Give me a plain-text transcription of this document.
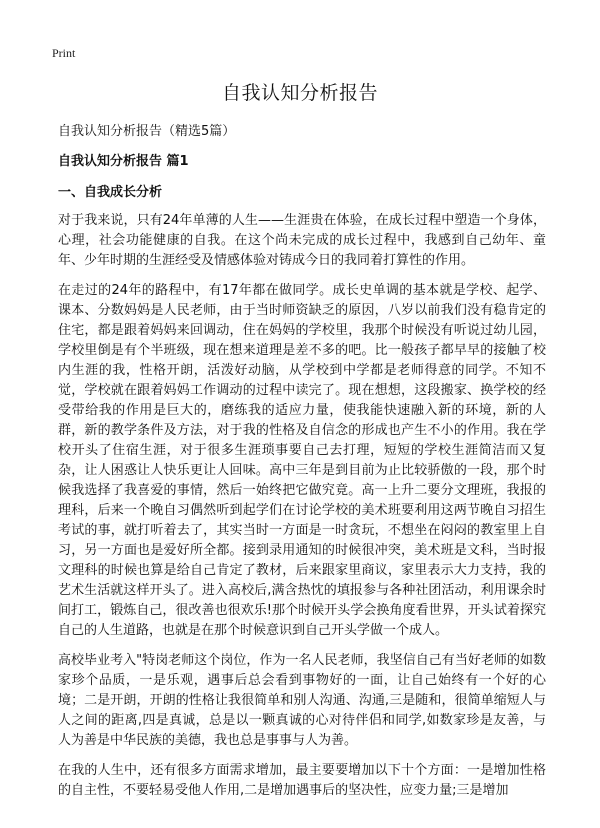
Print
自我认知分析报告

自我认知分析报告（精选5篇）

自我认知分析报告 篇1
一、自我成长分析

对于我来说，只有24年单薄的人生——生涯贵在体验，在成长过程中塑造一个身体，心理，社会功能健康的自我。在这个尚未完成的成长过程中，我感到自己幼年、童年、少年时期的生涯经受及情感体验对铸成今日的我同着打算性的作用。

在走过的24年的路程中，有17年都在做同学。成长史单调的基本就是学校、起学、课本、分数妈妈是人民老师，由于当时师资缺乏的原因，八岁以前我们没有稳肯定的住宅，都是跟着妈妈来回调动，住在妈妈的学校里，我那个时候没有听说过幼儿园，学校里倒是有个半班级，现在想来道理是差不多的吧。比一般孩子都早早的接触了校内生涯的我，性格开朗，活泼好动脑，从学校到中学都是老师得意的同学。不知不觉，学校就在跟着妈妈工作调动的过程中读完了。现在想想，这段搬家、换学校的经受带给我的作用是巨大的，磨练我的适应力量，使我能快速融入新的环境，新的人群，新的教学条件及方法，对于我的性格及自信念的形成也产生不小的作用。我在学校开头了住宿生涯，对于很多生涯琐事要自己去打理，短短的学校生涯简洁而又复杂，让人困惑让人快乐更让人回味。高中三年是到目前为止比较骄傲的一段，那个时候我选择了我喜爱的事情，然后一始终把它做究竟。高一上升二要分文理班，我报的理科，后来一个晚自习偶然听到起学们在讨论学校的美术班要利用这两节晚自习招生考试的事，就打听着去了，其实当时一方面是一时贪玩，不想坐在闷闷的教室里上自习，另一方面也是爱好所全都。接到录用通知的时候很冲突，美术班是文科，当时报文理科的时候也算是给自己肯定了教材，后来跟家里商议，家里表示大力支持，我的艺术生活就这样开头了。进入高校后,满含热忱的填报参与各种社团活动，利用课余时间打工，锻炼自己，很改善也很欢乐!那个时候开头学会换角度看世界，开头试着探究自己的人生道路，也就是在那个时候意识到自己开头学做一个成人。

高校毕业考入"特岗老师这个岗位，作为一名人民老师，我坚信自己有当好老师的如数家珍个品质，一是乐观，遇事后总会看到事物好的一面，让自己始终有一个好的心境；二是开朗，开朗的性格让我很简单和别人沟通、沟通,三是随和，很简单缩短人与人之间的距离,四是真诚，总是以一颗真诚的心对待伴侣和同学,如数家珍是友善，与人为善是中华民族的美德，我也总是事事与人为善。

在我的人生中，还有很多方面需求增加，最主要要增加以下十个方面：一是增加性格的自主性，不要轻易受他人作用,二是增加遇事后的坚决性，应变力量;三是增加
